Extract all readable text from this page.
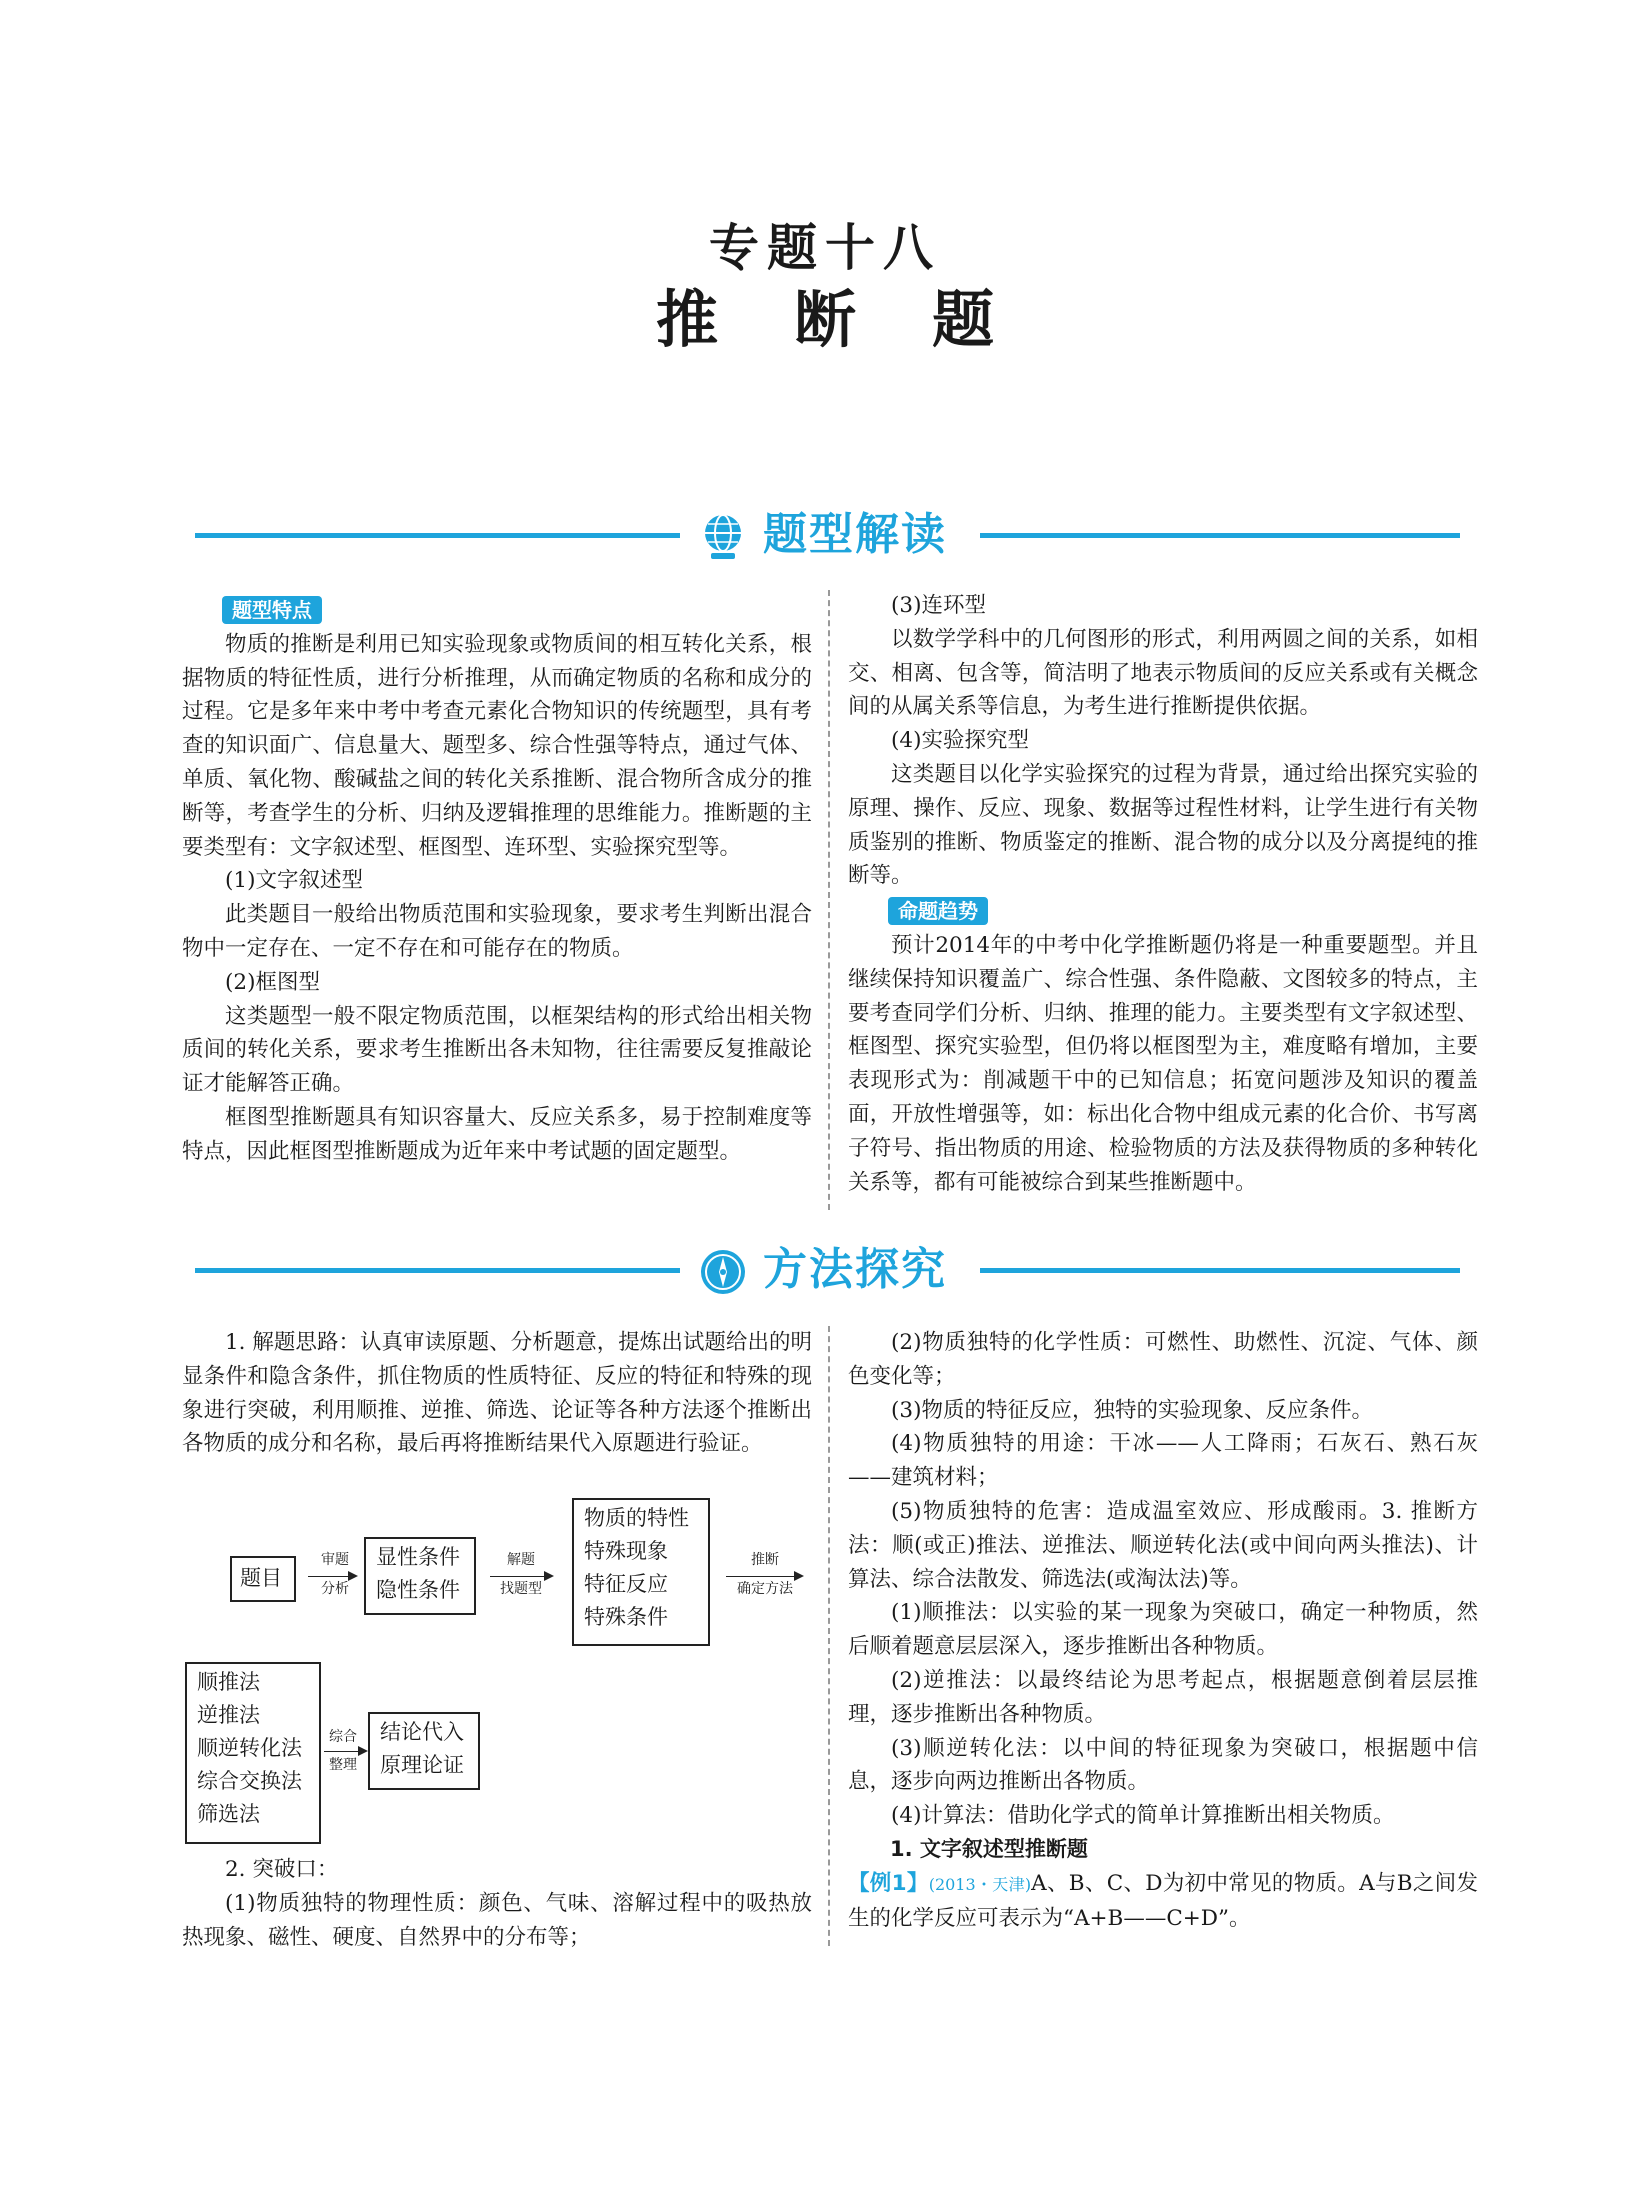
专题十八
推断题
题型解读
题型特点

物质的推断是利用已知实验现象或物质间的相互转化关系，根据物质的特征性质，进行分析推理，从而确定物质的名称和成分的过程。它是多年来中考中考查元素化合物知识的传统题型，具有考查的知识面广、信息量大、题型多、综合性强等特点，通过气体、单质、氧化物、酸碱盐之间的转化关系推断、混合物所含成分的推断等，考查学生的分析、归纳及逻辑推理的思维能力。推断题的主要类型有：文字叙述型、框图型、连环型、实验探究型等。

(1)文字叙述型

此类题目一般给出物质范围和实验现象，要求考生判断出混合物中一定存在、一定不存在和可能存在的物质。

(2)框图型

这类题型一般不限定物质范围，以框架结构的形式给出相关物质间的转化关系，要求考生推断出各未知物，往往需要反复推敲论证才能解答正确。

框图型推断题具有知识容量大、反应关系多，易于控制难度等特点，因此框图型推断题成为近年来中考试题的固定题型。

(3)连环型

以数学学科中的几何图形的形式，利用两圆之间的关系，如相交、相离、包含等，简洁明了地表示物质间的反应关系或有关概念间的从属关系等信息，为考生进行推断提供依据。

(4)实验探究型

这类题目以化学实验探究的过程为背景，通过给出探究实验的原理、操作、反应、现象、数据等过程性材料，让学生进行有关物质鉴别的推断、物质鉴定的推断、混合物的成分以及分离提纯的推断等。

命题趋势

预计2014年的中考中化学推断题仍将是一种重要题型。并且继续保持知识覆盖广、综合性强、条件隐蔽、文图较多的特点，主要考查同学们分析、归纳、推理的能力。主要类型有文字叙述型、框图型、探究实验型，但仍将以框图型为主，难度略有增加，主要表现形式为：削减题干中的已知信息；拓宽问题涉及知识的覆盖面，开放性增强等，如：标出化合物中组成元素的化合价、书写离子符号、指出物质的用途、检验物质的方法及获得物质的多种转化关系等，都有可能被综合到某些推断题中。

方法探究

1. 解题思路：认真审读原题、分析题意，提炼出试题给出的明显条件和隐含条件，抓住物质的性质特征、反应的特征和特殊的现象进行突破，利用顺推、逆推、筛选、论证等各种方法逐个推断出各物质的成分和名称，最后再将推断结果代入原题进行验证。

题目
审题
分析
显性条件
隐性条件
解题
找题型
物质的特性
特殊现象
特征反应
特殊条件
推断
确定方法
顺推法
逆推法
顺逆转化法
综合交换法
筛选法
综合
整理
结论代入
原理论证

2. 突破口：

(1)物质独特的物理性质：颜色、气味、溶解过程中的吸热放热现象、磁性、硬度、自然界中的分布等；

(2)物质独特的化学性质：可燃性、助燃性、沉淀、气体、颜色变化等；

(3)物质的特征反应，独特的实验现象、反应条件。

(4)物质独特的用途：干冰——人工降雨；石灰石、熟石灰——建筑材料；

(5)物质独特的危害：造成温室效应、形成酸雨。3. 推断方法：顺(或正)推法、逆推法、顺逆转化法(或中间向两头推法)、计算法、综合法散发、筛选法(或淘汰法)等。

(1)顺推法：以实验的某一现象为突破口，确定一种物质，然后顺着题意层层深入，逐步推断出各种物质。

(2)逆推法：以最终结论为思考起点，根据题意倒着层层推理，逐步推断出各种物质。

(3)顺逆转化法：以中间的特征现象为突破口，根据题中信息，逐步向两边推断出各物质。

(4)计算法：借助化学式的简单计算推断出相关物质。

1. 文字叙述型推断题

【例1】(2013・天津)A、B、C、D为初中常见的物质。A与B之间发生的化学反应可表示为“A+B——C+D”。
